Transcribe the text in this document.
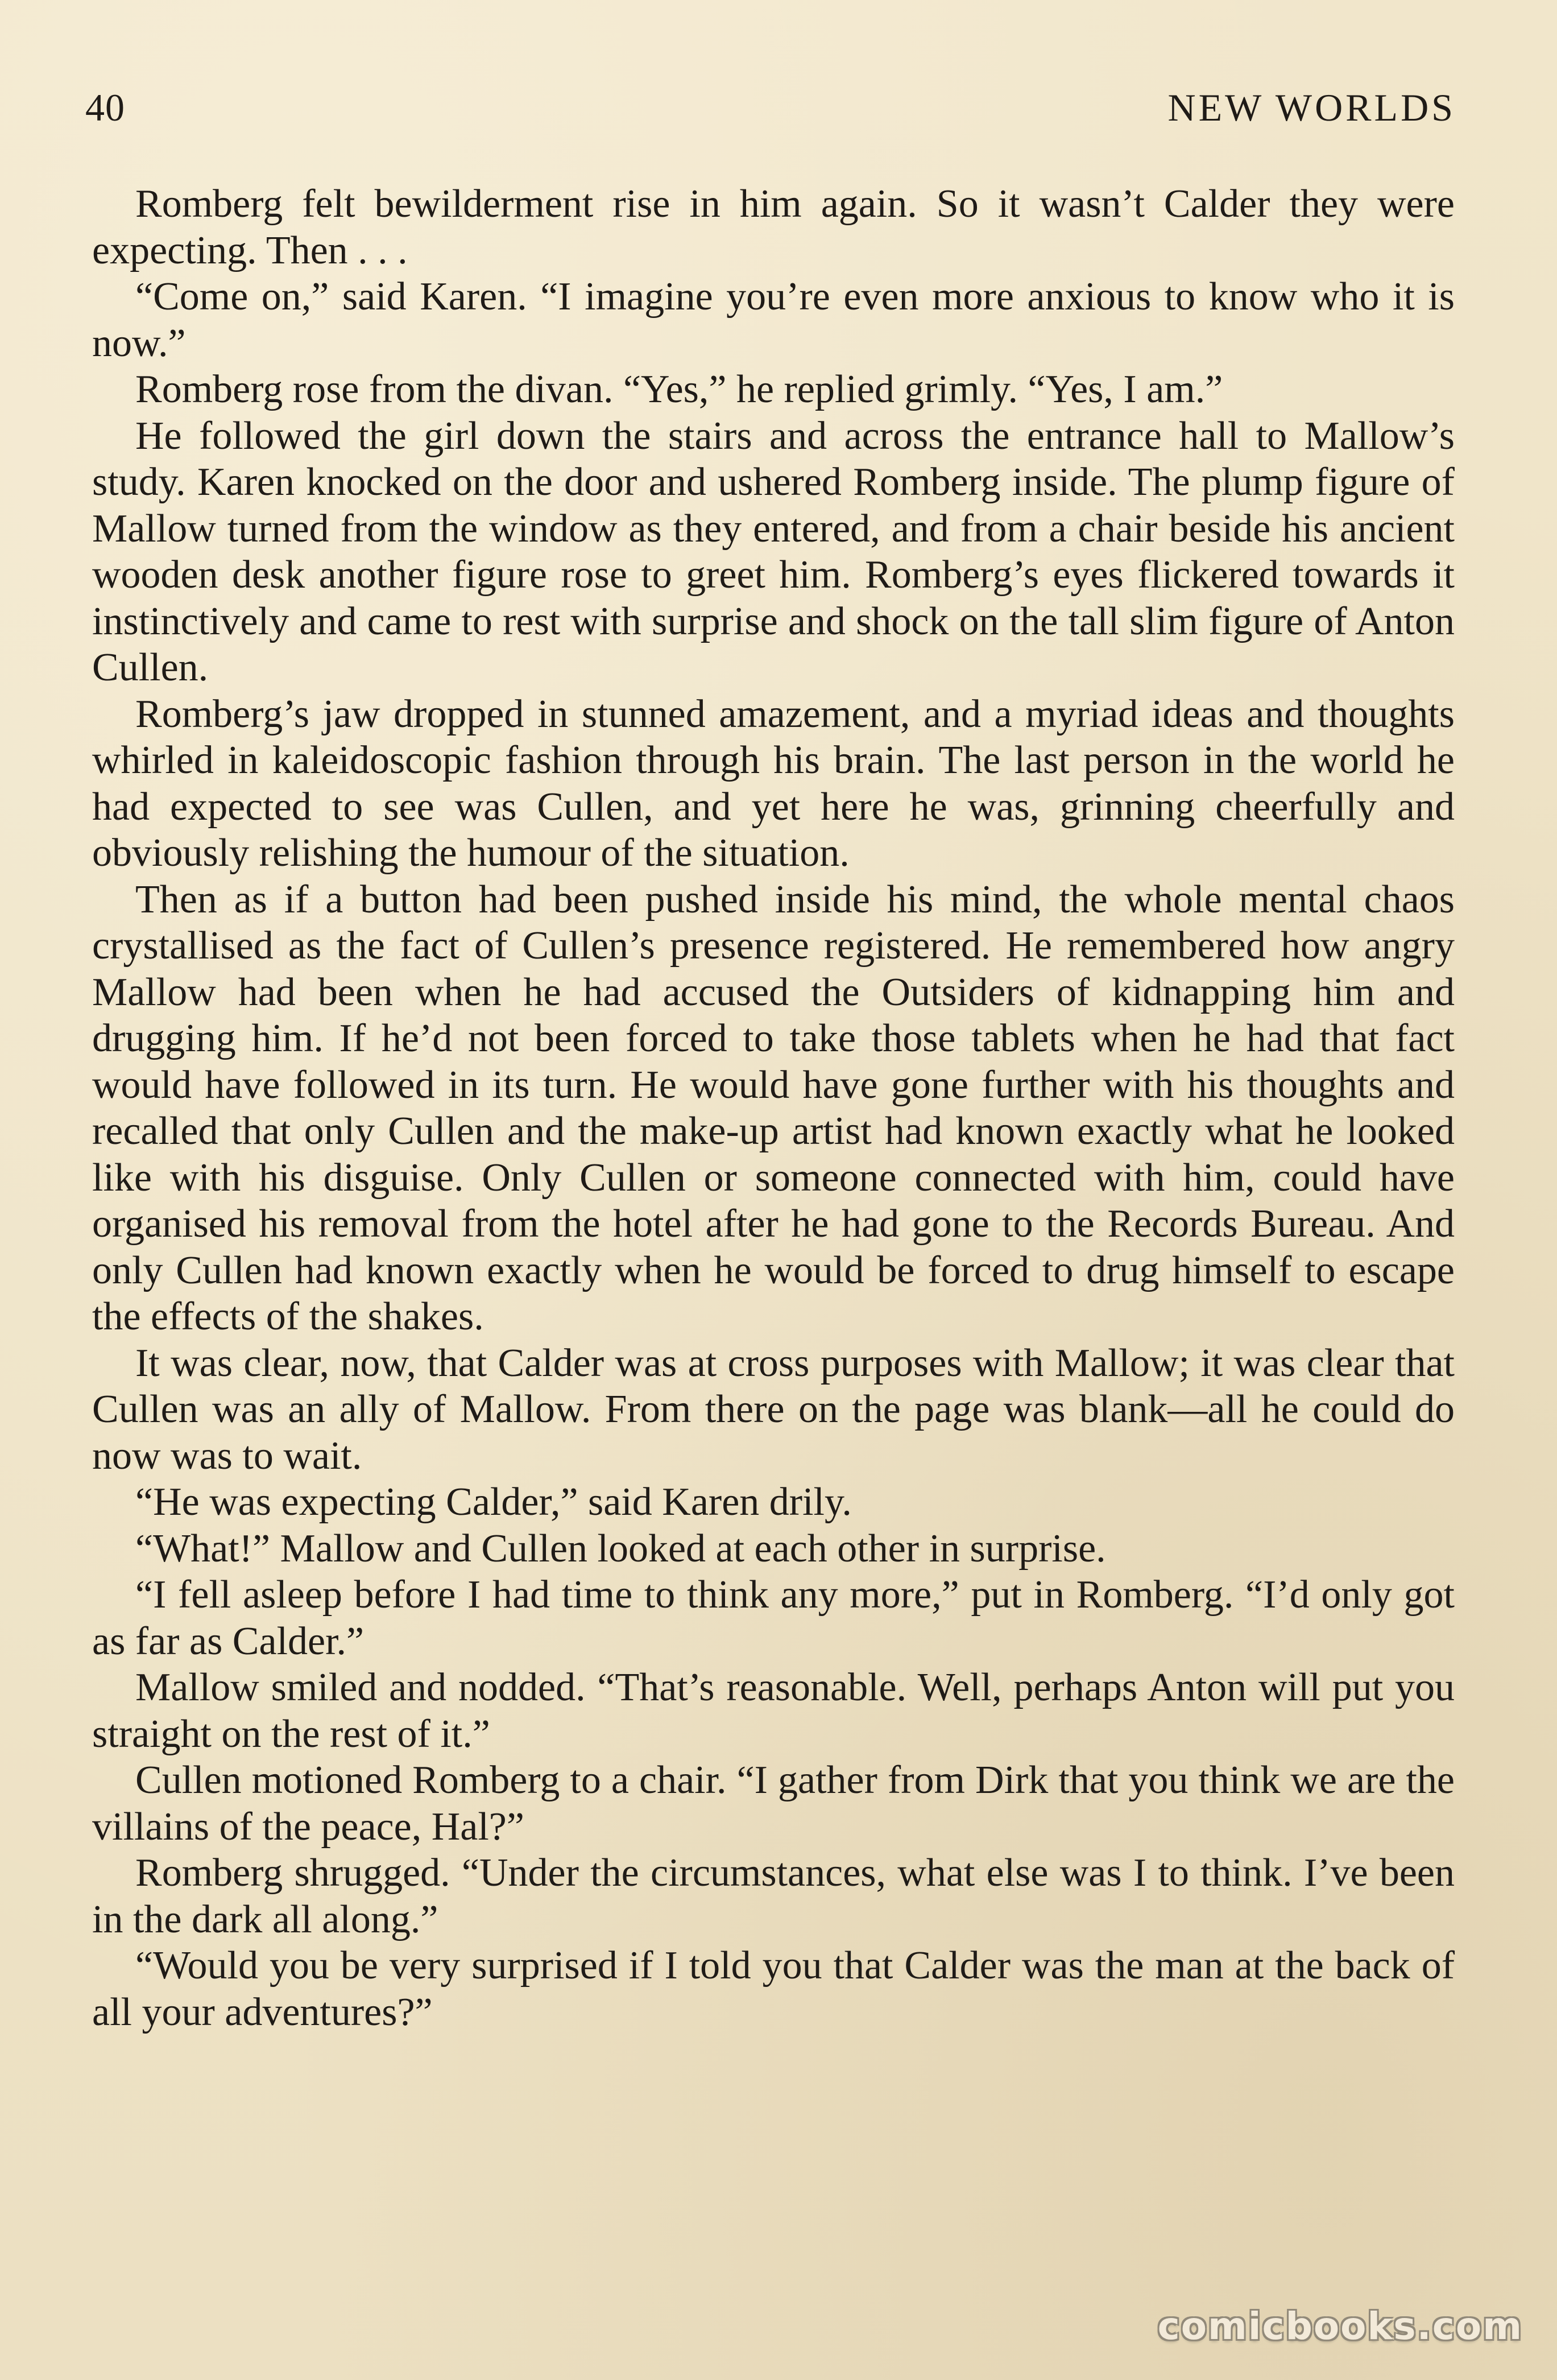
40	NEW WORLDS

Romberg felt bewilderment rise in him again. So it wasn’t Calder they were expecting. Then . . .

“Come on,” said Karen. “I imagine you’re even more anxious to know who it is now.”

Romberg rose from the divan. “Yes,” he replied grimly. “Yes, I am.”

He followed the girl down the stairs and across the entrance hall to Mallow’s study. Karen knocked on the door and ushered Romberg inside. The plump figure of Mallow turned from the window as they entered, and from a chair beside his ancient wooden desk another figure rose to greet him. Romberg’s eyes flickered towards it instinctively and came to rest with surprise and shock on the tall slim figure of Anton Cullen.

Romberg’s jaw dropped in stunned amazement, and a myriad ideas and thoughts whirled in kaleidoscopic fashion through his brain. The last person in the world he had expected to see was Cullen, and yet here he was, grinning cheerfully and obviously relishing the humour of the situation.

Then as if a button had been pushed inside his mind, the whole mental chaos crystallised as the fact of Cullen’s presence registered. He remembered how angry Mallow had been when he had accused the Outsiders of kidnapping him and drugging him. If he’d not been forced to take those tablets when he had that fact would have followed in its turn. He would have gone further with his thoughts and recalled that only Cullen and the make-up artist had known exactly what he looked like with his disguise. Only Cullen or someone connected with him, could have organised his removal from the hotel after he had gone to the Records Bureau. And only Cullen had known exactly when he would be forced to drug himself to escape the effects of the shakes.

It was clear, now, that Calder was at cross purposes with Mallow; it was clear that Cullen was an ally of Mallow. From there on the page was blank—all he could do now was to wait.

“He was expecting Calder,” said Karen drily.

“What!” Mallow and Cullen looked at each other in surprise.

“I fell asleep before I had time to think any more,” put in Romberg. “I’d only got as far as Calder.”

Mallow smiled and nodded. “That’s reasonable. Well, perhaps Anton will put you straight on the rest of it.”

Cullen motioned Romberg to a chair. “I gather from Dirk that you think we are the villains of the peace, Hal?”

Romberg shrugged. “Under the circumstances, what else was I to think. I’ve been in the dark all along.”

“Would you be very surprised if I told you that Calder was the man at the back of all your adventures?”

comicbooks.com
